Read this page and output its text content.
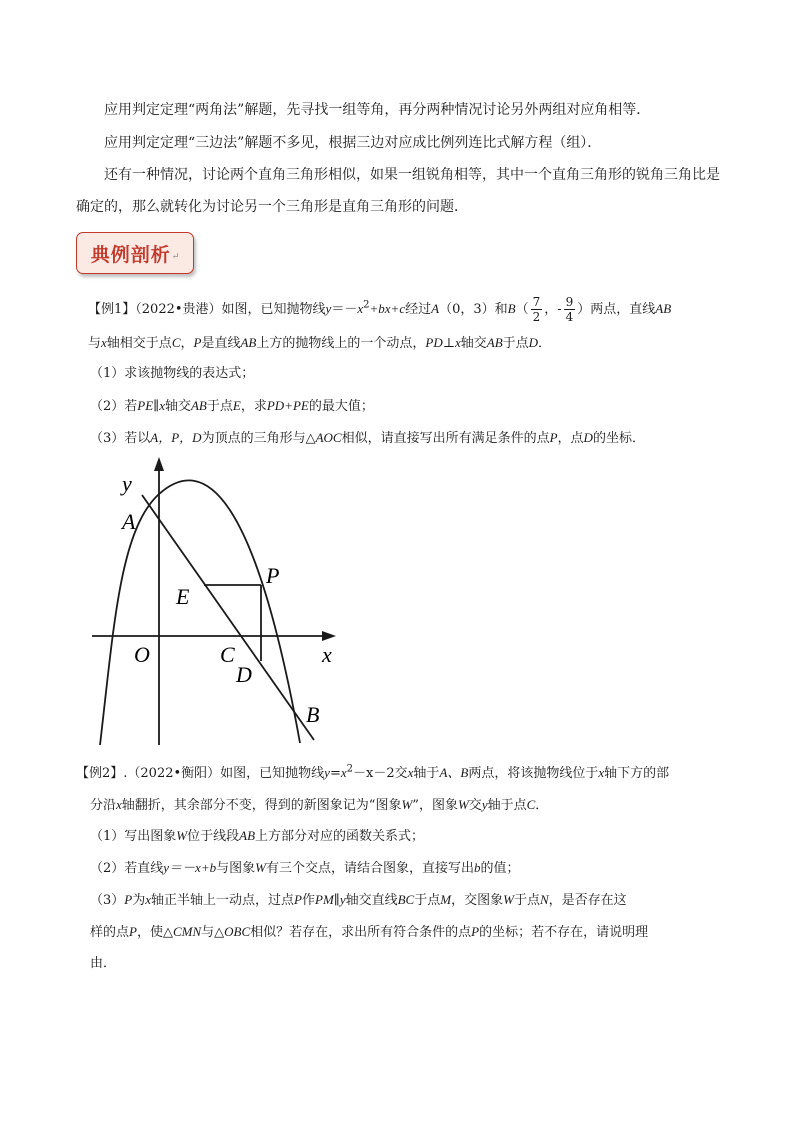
应用判定定理“两角法”解题，先寻找一组等角，再分两种情况讨论另外两组对应角相等．
应用判定定理“三边法”解题不多见，根据三边对应成比例列连比式解方程（组）．
还有一种情况，讨论两个直角三角形相似，如果一组锐角相等，其中一个直角三角形的锐角三角比是
确定的，那么就转化为讨论另一个三角形是直角三角形的问题．
典例剖析 ↵
【例1】（2022•贵港）如图，已知抛物线$y=-x^2+bx+c$经过A（0，3）和$B( \frac{7}{2}$ ，- $\frac{9}{4}$ ）两点，直线AB
与x轴相交于点C，P是直线AB上方的抛物线上的一个动点，PD⊥x轴交AB于点D．
（1）求该抛物线的表达式；
（2）若PE∥x轴交AB于点E，求PD+PE的最大值；
（3）若以A，P，D为顶点的三角形与△AOC相似，请直接写出所有满足条件的点P，点D的坐标．
y
A
E
P
O	C	x
D
B
【例2】.（2022•衡阳）如图，已知抛物线$y=x^2-x-2$交x轴于A、B两点，将该抛物线位于x轴下方的部
分沿x轴翻折，其余部分不变，得到的新图象记为“图象W”，图象W交y轴于点C．
（1）写出图象W位于线段AB上方部分对应的函数关系式；
（2）若直线y＝－x+b与图象W有三个交点，请结合图象，直接写出b的值；
（3）P为x轴正半轴上一动点，过点P作PM∥y轴交直线BC于点M，交图象W于点N，是否存在这
样的点P，使△CMN与△OBC相似？若存在，求出所有符合条件的点P的坐标；若不存在，请说明理
由．
